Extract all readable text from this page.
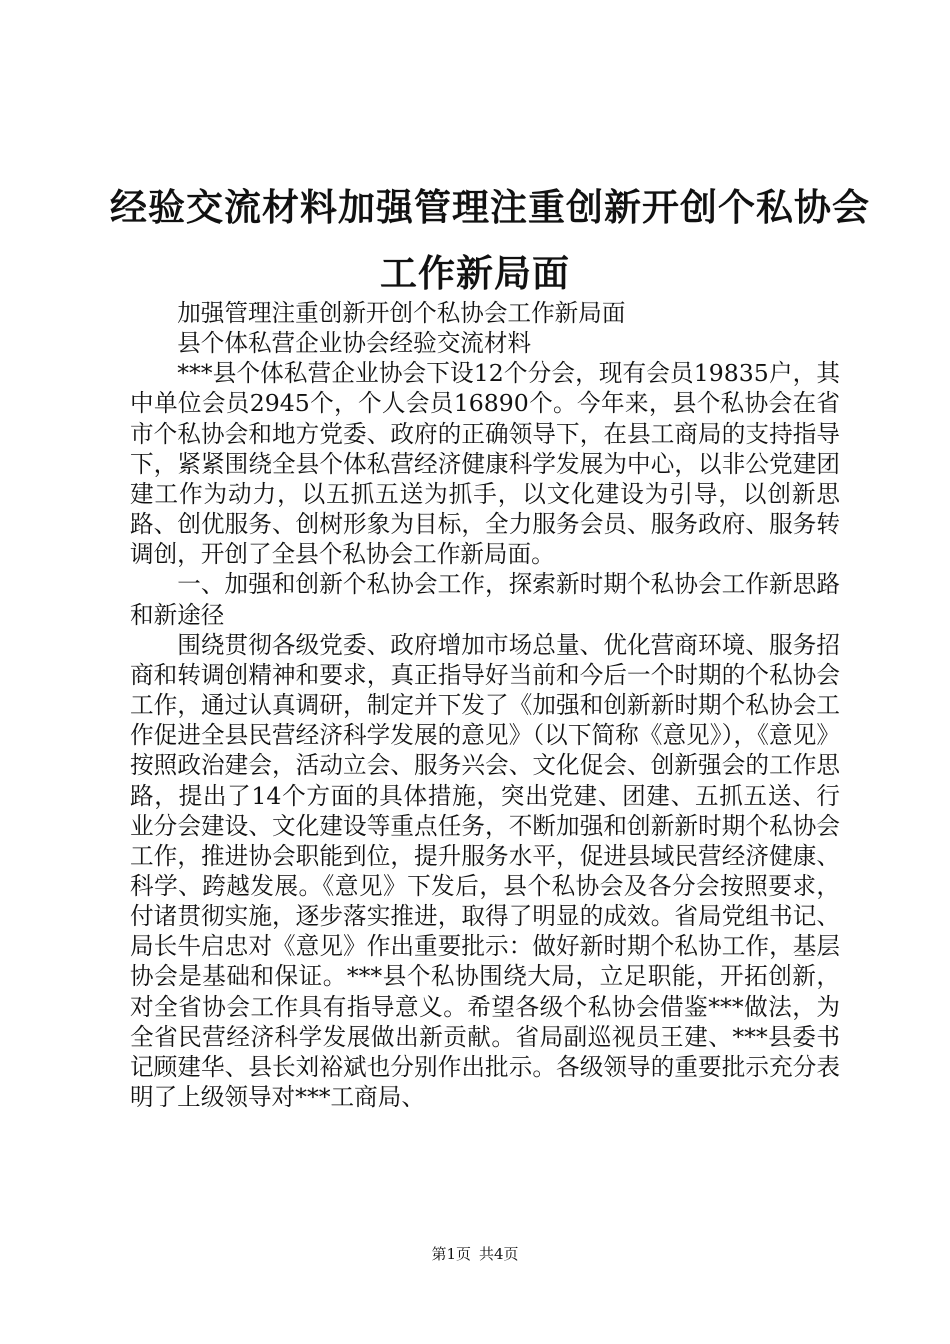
经验交流材料加强管理注重创新开创个私协会
工作新局面

加强管理注重创新开创个私协会工作新局面

县个体私营企业协会经验交流材料

***县个体私营企业协会下设12个分会，现有会员19835户，其中单位会员2945个，个人会员16890个。今年来，县个私协会在省市个私协会和地方党委、政府的正确领导下，在县工商局的支持指导下，紧紧围绕全县个体私营经济健康科学发展为中心，以非公党建团建工作为动力，以五抓五送为抓手，以文化建设为引导，以创新思路、创优服务、创树形象为目标，全力服务会员、服务政府、服务转调创，开创了全县个私协会工作新局面。

一、加强和创新个私协会工作，探索新时期个私协会工作新思路和新途径

围绕贯彻各级党委、政府增加市场总量、优化营商环境、服务招商和转调创精神和要求，真正指导好当前和今后一个时期的个私协会工作，通过认真调研，制定并下发了《加强和创新新时期个私协会工作促进全县民营经济科学发展的意见》（以下简称《意见》），《意见》按照政治建会，活动立会、服务兴会、文化促会、创新强会的工作思路，提出了14个方面的具体措施，突出党建、团建、五抓五送、行业分会建设、文化建设等重点任务，不断加强和创新新时期个私协会工作，推进协会职能到位，提升服务水平，促进县域民营经济健康、科学、跨越发展。《意见》下发后，县个私协会及各分会按照要求，付诸贯彻实施，逐步落实推进，取得了明显的成效。省局党组书记、局长牛启忠对《意见》作出重要批示：做好新时期个私协工作，基层协会是基础和保证。***县个私协围绕大局，立足职能，开拓创新，对全省协会工作具有指导意义。希望各级个私协会借鉴***做法，为全省民营经济科学发展做出新贡献。省局副巡视员王建、***县委书记顾建华、县长刘裕斌也分别作出批示。各级领导的重要批示充分表明了上级领导对***工商局、

第1页 共4页
